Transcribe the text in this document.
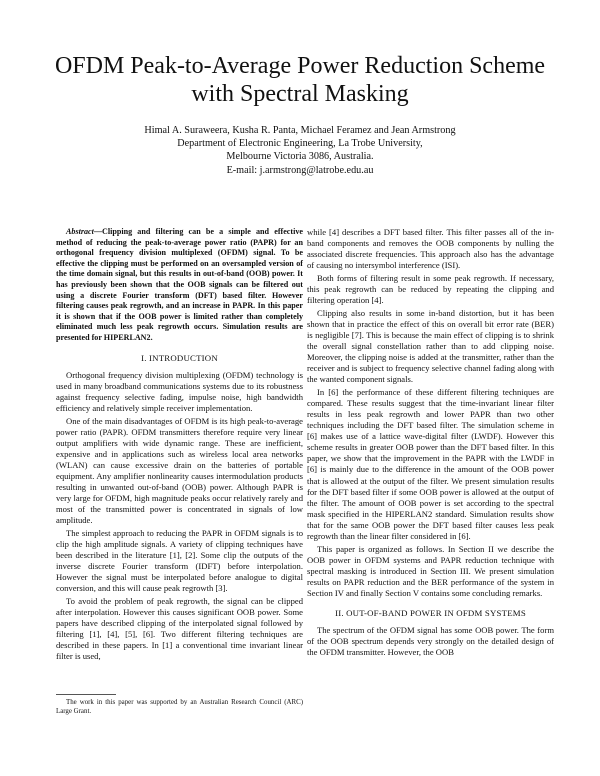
OFDM Peak-to-Average Power Reduction Scheme
with Spectral Masking
Himal A. Suraweera, Kusha R. Panta, Michael Feramez and Jean Armstrong
Department of Electronic Engineering, La Trobe University,
Melbourne Victoria 3086, Australia.
E-mail: j.armstrong@latrobe.edu.au

Abstract—Clipping and filtering can be a simple and effective method of reducing the peak-to-average power ratio (PAPR) for an orthogonal frequency division multiplexed (OFDM) signal. To be effective the clipping must be performed on an oversampled version of the time domain signal, but this results in out-of-band (OOB) power. It has previously been shown that the OOB signals can be filtered out using a discrete Fourier transform (DFT) based filter. However filtering causes peak regrowth, and an increase in PAPR. In this paper it is shown that if the OOB power is limited rather than completely eliminated much less peak regrowth occurs. Simulation results are presented for HIPERLAN2.

I. INTRODUCTION

Orthogonal frequency division multiplexing (OFDM) technology is used in many broadband communications systems due to its robustness against frequency selective fading, impulse noise, high bandwidth efficiency and relatively simple receiver implementation.

One of the main disadvantages of OFDM is its high peak-to-average power ratio (PAPR). OFDM transmitters therefore require very linear output amplifiers with wide dynamic range. These are inefficient, expensive and in applications such as wireless local area networks (WLAN) can cause excessive drain on the batteries of portable equipment. Any amplifier nonlinearity causes intermodulation products resulting in unwanted out-of-band (OOB) power. Although PAPR is very large for OFDM, high magnitude peaks occur relatively rarely and most of the transmitted power is concentrated in signals of low amplitude.

The simplest approach to reducing the PAPR in OFDM signals is to clip the high amplitude signals. A variety of clipping techniques have been described in the literature [1], [2]. Some clip the outputs of the inverse discrete Fourier transform (IDFT) before interpolation. However the signal must be interpolated before analogue to digital conversion, and this will cause peak regrowth [3].

To avoid the problem of peak regrowth, the signal can be clipped after interpolation. However this causes significant OOB power. Some papers have described clipping of the interpolated signal followed by filtering [1], [4], [5], [6]. Two different filtering techniques are described in these papers. In [1] a conventional time invariant linear filter is used,

The work in this paper was supported by an Australian Research Council (ARC) Large Grant.

while [4] describes a DFT based filter. This filter passes all of the in-band components and removes the OOB components by nulling the associated discrete frequencies. This approach also has the advantage of causing no intersymbol interference (ISI).

Both forms of filtering result in some peak regrowth. If necessary, this peak regrowth can be reduced by repeating the clipping and filtering operation [4].

Clipping also results in some in-band distortion, but it has been shown that in practice the effect of this on overall bit error rate (BER) is negligible [7]. This is because the main effect of clipping is to shrink the overall signal constellation rather than to add clipping noise. Moreover, the clipping noise is added at the transmitter, rather than the receiver and is subject to frequency selective channel fading along with the wanted component signals.

In [6] the performance of these different filtering techniques are compared. These results suggest that the time-invariant linear filter results in less peak regrowth and lower PAPR than two other techniques including the DFT based filter. The simulation scheme in [6] makes use of a lattice wave-digital filter (LWDF). However this scheme results in greater OOB power than the DFT based filter. In this paper, we show that the improvement in the PAPR with the LWDF in [6] is mainly due to the difference in the amount of the OOB power that is allowed at the output of the filter. We present simulation results for the DFT based filter if some OOB power is allowed at the output of the filter. The amount of OOB power is set according to the spectral mask specified in the HIPERLAN2 standard. Simulation results show that for the same OOB power the DFT based filter causes less peak regrowth than the linear filter considered in [6].

This paper is organized as follows. In Section II we describe the OOB power in OFDM systems and PAPR reduction technique with spectral masking is introduced in Section III. We present simulation results on PAPR reduction and the BER performance of the system in Section IV and finally Section V contains some concluding remarks.

II. OUT-OF-BAND POWER IN OFDM SYSTEMS

The spectrum of the OFDM signal has some OOB power. The form of the OOB spectrum depends very strongly on the detailed design of the OFDM transmitter. However, the OOB
